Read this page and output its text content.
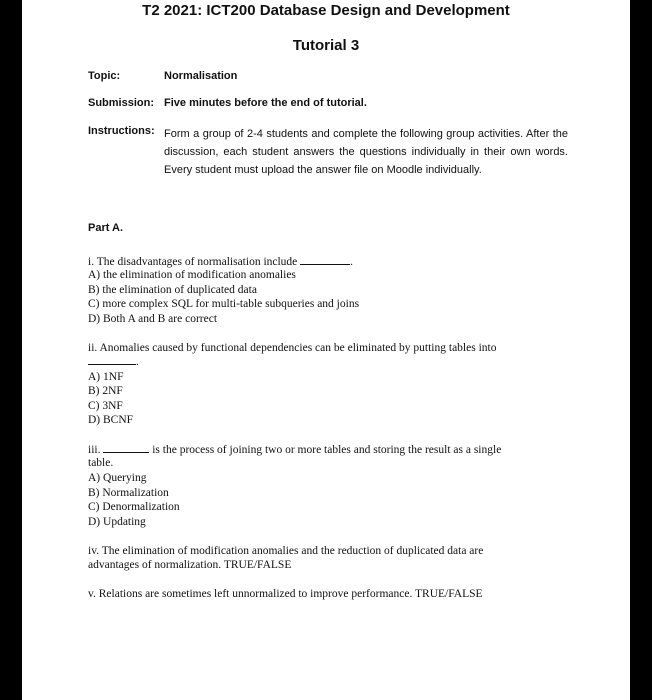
T2 2021: ICT200 Database Design and Development
Tutorial 3
Topic:	Normalisation
Submission: Five minutes before the end of tutorial.
Instructions: Form a group of 2-4 students and complete the following group activities. After the discussion, each student answers the questions individually in their own words. Every student must upload the answer file on Moodle individually.
Part A.
i. The disadvantages of normalisation include	.
A) the elimination of modification anomalies
B) the elimination of duplicated data
C) more complex SQL for multi-table subqueries and joins
D) Both A and B are correct
ii. Anomalies caused by functional dependencies can be eliminated by putting tables into
.
A) 1NF
B) 2NF
C) 3NF
D) BCNF
iii.	is the process of joining two or more tables and storing the result as a single
table.
A) Querying
B) Normalization
C) Denormalization
D) Updating
iv. The elimination of modification anomalies and the reduction of duplicated data are
advantages of normalization. TRUE/FALSE
v. Relations are sometimes left unnormalized to improve performance. TRUE/FALSE
